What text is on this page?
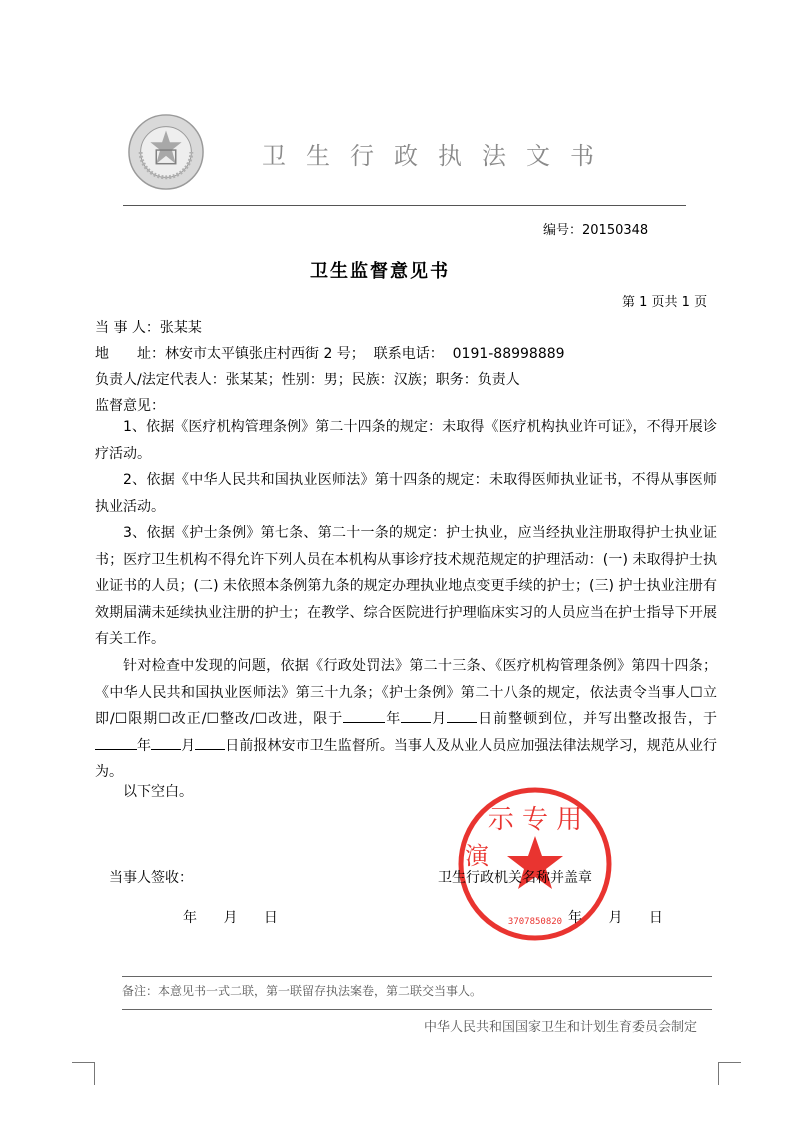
卫生行政执法文书
编号：20150348
卫生监督意见书
第 1 页共 1 页
当 事 人：张某某
地　　址：林安市太平镇张庄村西街 2 号； 联系电话： 0191-88998889
负责人/法定代表人：张某某；性别：男；民族：汉族；职务：负责人
监督意见：
1、依据《医疗机构管理条例》第二十四条的规定：未取得《医疗机构执业许可证》，不得开展诊疗活动。
2、依据《中华人民共和国执业医师法》第十四条的规定：未取得医师执业证书，不得从事医师执业活动。
3、依据《护士条例》第七条、第二十一条的规定：护士执业，应当经执业注册取得护士执业证书；医疗卫生机构不得允许下列人员在本机构从事诊疗技术规范规定的护理活动：(一) 未取得护士执业证书的人员；(二) 未依照本条例第九条的规定办理执业地点变更手续的护士；(三) 护士执业注册有效期届满未延续执业注册的护士；在教学、综合医院进行护理临床实习的人员应当在护士指导下开展有关工作。
针对检查中发现的问题，依据《行政处罚法》第二十三条、《医疗机构管理条例》第四十四条；《中华人民共和国执业医师法》第三十九条；《护士条例》第二十八条的规定，依法责令当事人☐立即/☐限期☐改正/☐整改/☐改进，限于	年 月 日前整顿到位，并写出整改报告，于年 月 日前报林安市卫生监督所。当事人及从业人员应加强法律法规学习，规范从业行为。
以下空白。
示 专 用
演
3707850820
当事人签收：	卫生行政机关名称并盖章
年 月 日	年 月 日
备注：本意见书一式二联，第一联留存执法案卷，第二联交当事人。
中华人民共和国国家卫生和计划生育委员会制定
